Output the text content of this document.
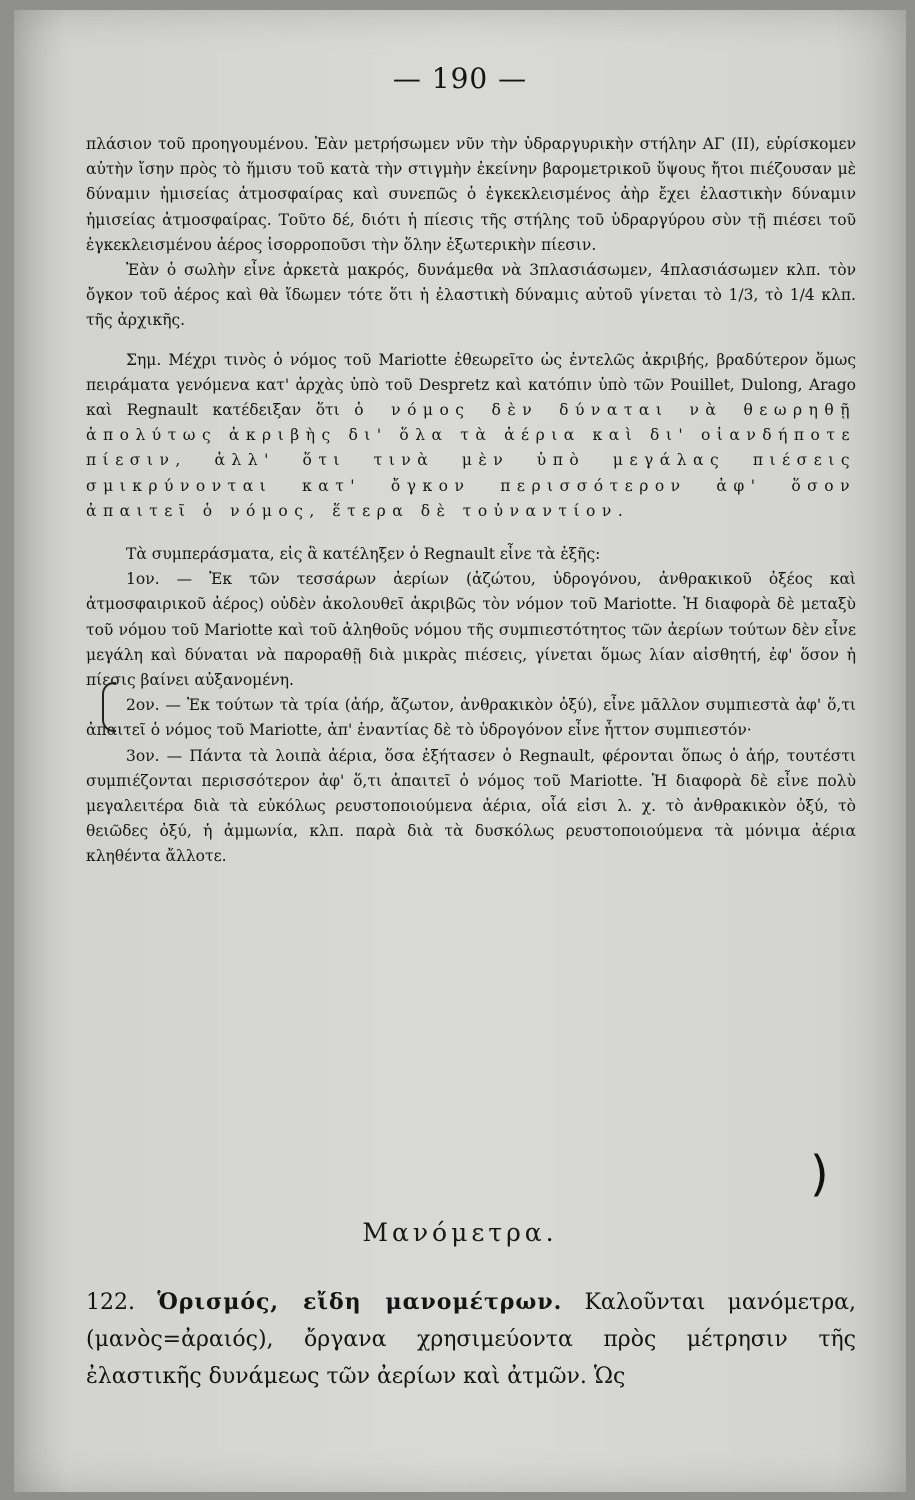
— 190 —

πλάσιον τοῦ προηγουμένου. Ἐὰν μετρήσωμεν νῦν τὴν ὑδραργυρικὴν στήλην ΑΓ (ΙΙ), εὑρίσκομεν αὐτὴν ἴσην πρὸς τὸ ἥμισυ τοῦ κατὰ τὴν στιγμὴν ἐκείνην βαρομετρικοῦ ὕψους ἤτοι πιέζουσαν μὲ δύναμιν ἡμισείας ἀτμοσφαίρας καὶ συνεπῶς ὁ ἐγκεκλεισμένος ἀὴρ ἔχει ἐλαστικὴν δύναμιν ἡμισείας ἀτμοσφαίρας. Τοῦτο δέ, διότι ἡ πίεσις τῆς στήλης τοῦ ὑδραργύρου σὺν τῇ πιέσει τοῦ ἐγκεκλεισμένου ἀέρος ἰσορροποῦσι τὴν ὅλην ἐξωτερικὴν πίεσιν.

Ἐὰν ὁ σωλὴν εἶνε ἀρκετὰ μακρός, δυνάμεθα νὰ 3πλασιάσωμεν, 4πλασιάσωμεν κλπ. τὸν ὄγκον τοῦ ἀέρος καὶ θὰ ἴδωμεν τότε ὅτι ἡ ἐλαστικὴ δύναμις αὐτοῦ γίνεται τὸ 1/3, τὸ 1/4 κλπ. τῆς ἀρχικῆς.

Σημ. Μέχρι τινὸς ὁ νόμος τοῦ Mariotte ἐθεωρεῖτο ὡς ἐντελῶς ἀκριβής, βραδύτερον ὅμως πειράματα γενόμενα κατ' ἀρχὰς ὑπὸ τοῦ Despretz καὶ κατόπιν ὑπὸ τῶν Pouillet, Dulong, Arago καὶ Regnault κατέδειξαν ὅτι ὁ νόμος δὲν δύναται νὰ θεωρηθῇ ἀπολύτως ἀκριβὴς δι' ὅλα τὰ ἀέρια καὶ δι' οἱανδήποτε πίεσιν, ἀλλ' ὅτι τινὰ μὲν ὑπὸ μεγάλας πιέσεις σμικρύνονται κατ' ὄγκον περισσότερον ἀφ' ὅσον ἀπαιτεῖ ὁ νόμος, ἕτερα δὲ τοὐναντίον.

Τὰ συμπεράσματα, εἰς ἃ κατέληξεν ὁ Regnault εἶνε τὰ ἑξῆς:

1ον. — Ἐκ τῶν τεσσάρων ἀερίων (ἀζώτου, ὑδρογόνου, ἀνθρακικοῦ ὀξέος καὶ ἀτμοσφαιρικοῦ ἀέρος) οὐδὲν ἀκολουθεῖ ἀκριβῶς τὸν νόμον τοῦ Mariotte. Ἡ διαφορὰ δὲ μεταξὺ τοῦ νόμου τοῦ Mariotte καὶ τοῦ ἀληθοῦς νόμου τῆς συμπιεστότητος τῶν ἀερίων τούτων δὲν εἶνε μεγάλη καὶ δύναται νὰ παροραθῇ διὰ μικρὰς πιέσεις, γίνεται ὅμως λίαν αἰσθητή, ἐφ' ὅσον ἡ πίεσις βαίνει αὐξανομένη.

2ον. — Ἐκ τούτων τὰ τρία (ἀήρ, ἄζωτον, ἀνθρακικὸν ὀξύ), εἶνε μᾶλλον συμπιεστὰ ἀφ' ὅ,τι ἀπαιτεῖ ὁ νόμος τοῦ Mariotte, ἀπ' ἐναντίας δὲ τὸ ὑδρογόνον εἶνε ἧττον συμπιεστόν·

3ον. — Πάντα τὰ λοιπὰ ἀέρια, ὅσα ἐξήτασεν ὁ Regnault, φέρονται ὅπως ὁ ἀήρ, τουτέστι συμπιέζονται περισσότερον ἀφ' ὅ,τι ἀπαιτεῖ ὁ νόμος τοῦ Mariotte. Ἡ διαφορὰ δὲ εἶνε πολὺ μεγαλειτέρα διὰ τὰ εὐκόλως ρευστοποιούμενα ἀέρια, οἷά εἰσι λ. χ. τὸ ἀνθρακικὸν ὀξύ, τὸ θειῶδες ὀξύ, ἡ ἀμμωνία, κλπ. παρὰ διὰ τὰ δυσκόλως ρευστοποιούμενα τὰ μόνιμα ἀέρια κληθέντα ἄλλοτε.

)
Μανόμετρα.

122. Ὁρισμός, εἴδη μανομέτρων. Καλοῦνται μανόμετρα, (μανὸς=ἀραιός), ὄργανα χρησιμεύοντα πρὸς μέτρησιν τῆς ἐλαστικῆς δυνάμεως τῶν ἀερίων καὶ ἀτμῶν. Ὡς
